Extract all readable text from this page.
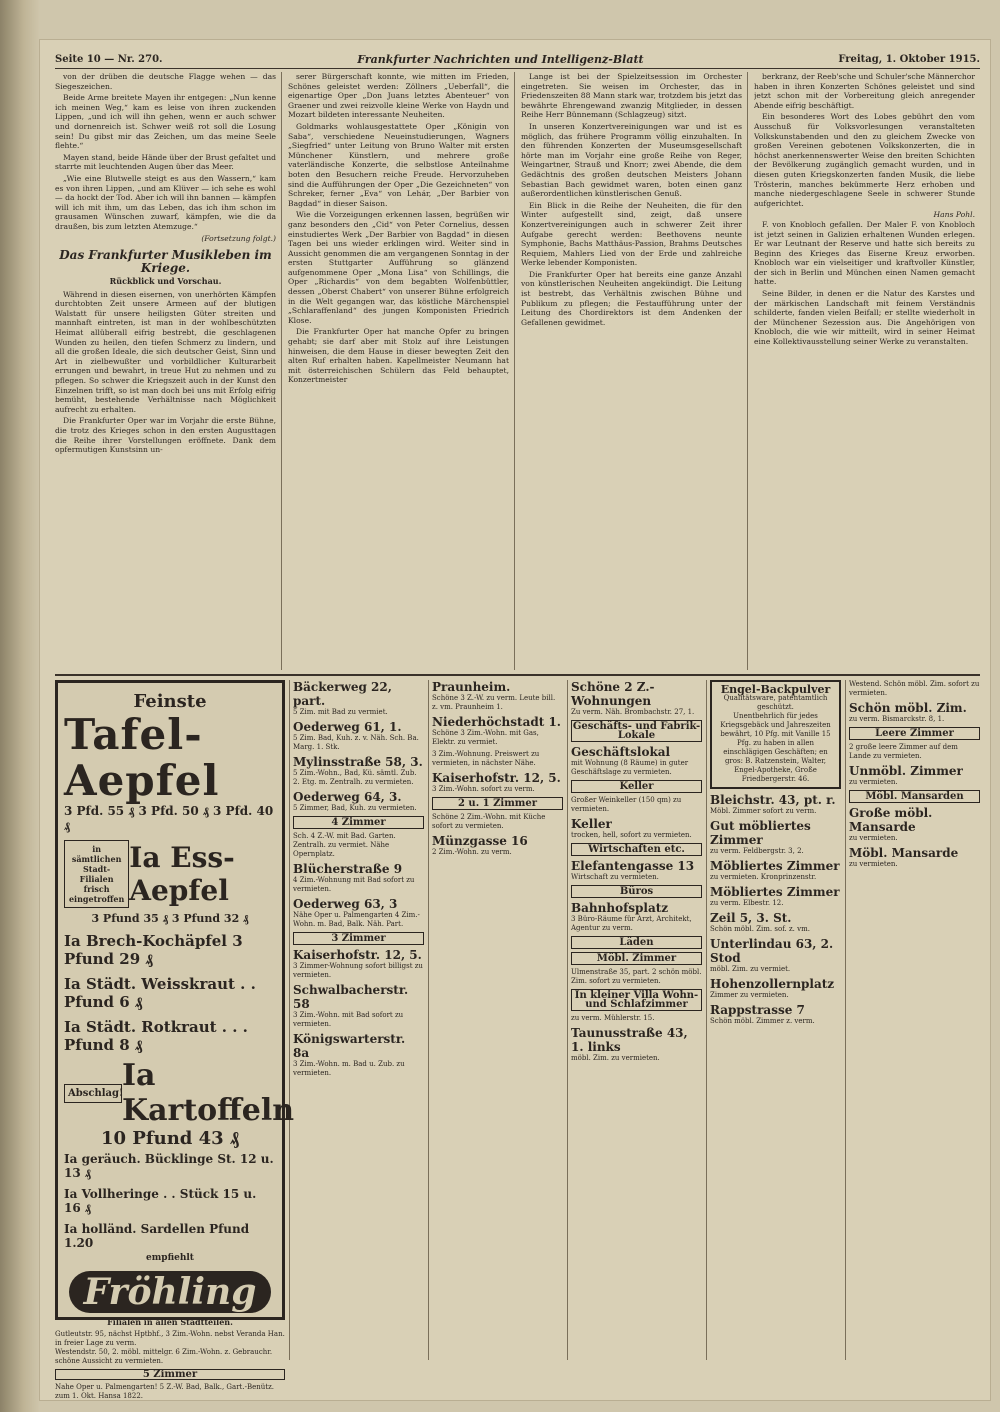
Seite 10 — Nr. 270.	Frankfurter Nachrichten und Intelligenz-Blatt	Freitag, 1. Oktober 1915.

von der drüben die deutsche Flagge wehen — das Siegeszeichen.

Beide Arme breitete Mayen ihr entgegen: „Nun kenne ich meinen Weg,“ kam es leise von ihren zuckenden Lippen, „und ich will ihn gehen, wenn er auch schwer und dornenreich ist. Schwer weiß rot soll die Losung sein! Du gibst mir das Zeichen, um das meine Seele flehte.“

Mayen stand, beide Hände über der Brust gefaltet und starrte mit leuchtenden Augen über das Meer.

„Wie eine Blutwelle steigt es aus den Wassern,“ kam es von ihren Lippen, „und am Klüver — ich sehe es wohl — da hockt der Tod. Aber ich will ihn bannen — kämpfen will ich mit ihm, um das Leben, das ich ihm schon im grausamen Wünschen zuwarf, kämpfen, wie die da draußen, bis zum letzten Atemzuge.“

(Fortsetzung folgt.)
Das Frankfurter Musikleben im Kriege.
Rückblick und Vorschau.

Während in diesen eisernen, von unerhörten Kämpfen durchtobten Zeit unsere Armeen auf der blutigen Walstatt für unsere heiligsten Güter streiten und mannhaft eintreten, ist man in der wohlbeschützten Heimat allüberall eifrig bestrebt, die geschlagenen Wunden zu heilen, den tiefen Schmerz zu lindern, und all die großen Ideale, die sich deutscher Geist, Sinn und Art in zielbewußter und vorbildlicher Kulturarbeit errungen und bewahrt, in treue Hut zu nehmen und zu pflegen. So schwer die Kriegszeit auch in der Kunst den Einzelnen trifft, so ist man doch bei uns mit Erfolg eifrig bemüht, bestehende Verhältnisse nach Möglichkeit aufrecht zu erhalten.

Die Frankfurter Oper war im Vorjahr die erste Bühne, die trotz des Krieges schon in den ersten Augusttagen die Reihe ihrer Vorstellungen eröffnete. Dank dem opfermutigen Kunstsinn un-

serer Bürgerschaft konnte, wie mitten im Frieden, Schönes geleistet werden: Zöllners „Ueberfall“, die eigenartige Oper „Don Juans letztes Abenteuer“ von Graener und zwei reizvolle kleine Werke von Haydn und Mozart bildeten interessante Neuheiten.

Goldmarks wohlausgestattete Oper „Königin von Saba“, verschiedene Neueinstudierungen, Wagners „Siegfried“ unter Leitung von Bruno Walter mit ersten Münchener Künstlern, und mehrere große vaterländische Konzerte, die selbstlose Anteilnahme boten den Besuchern reiche Freude. Hervorzuheben sind die Aufführungen der Oper „Die Gezeichneten“ von Schreker, ferner „Eva“ von Lehár, „Der Barbier von Bagdad“ in dieser Saison.

Wie die Vorzeigungen erkennen lassen, begrüßen wir ganz besonders den „Cid“ von Peter Cornelius, dessen einstudiertes Werk „Der Barbier von Bagdad“ in diesen Tagen bei uns wieder erklingen wird. Weiter sind in Aussicht genommen die am vergangenen Sonntag in der ersten Stuttgarter Aufführung so glänzend aufgenommene Oper „Mona Lisa“ von Schillings, die Oper „Richardis“ von dem begabten Wolfenbüttler, dessen „Oberst Chabert“ von unserer Bühne erfolgreich in die Welt gegangen war, das köstliche Märchenspiel „Schlaraffenland“ des jungen Komponisten Friedrich Klose.

Die Frankfurter Oper hat manche Opfer zu bringen gehabt; sie darf aber mit Stolz auf ihre Leistungen hinweisen, die dem Hause in dieser bewegten Zeit den alten Ruf erhalten haben. Kapellmeister Neumann hat mit österreichischen Schülern das Feld behauptet, Konzertmeister

Lange ist bei der Spielzeitsession im Orchester eingetreten. Sie weisen im Orchester, das in Friedenszeiten 88 Mann stark war, trotzdem bis jetzt das bewährte Ehrengewand zwanzig Mitglieder, in dessen Reihe Herr Bünnemann (Schlagzeug) sitzt.

In unseren Konzertvereinigungen war und ist es möglich, das frühere Programm völlig einzuhalten. In den führenden Konzerten der Museumsgesellschaft hörte man im Vorjahr eine große Reihe von Reger, Weingartner, Strauß und Knorr; zwei Abende, die dem Gedächtnis des großen deutschen Meisters Johann Sebastian Bach gewidmet waren, boten einen ganz außerordentlichen künstlerischen Genuß.

Ein Blick in die Reihe der Neuheiten, die für den Winter aufgestellt sind, zeigt, daß unsere Konzertvereinigungen auch in schwerer Zeit ihrer Aufgabe gerecht werden: Beethovens neunte Symphonie, Bachs Matthäus-Passion, Brahms Deutsches Requiem, Mahlers Lied von der Erde und zahlreiche Werke lebender Komponisten.

Die Frankfurter Oper hat bereits eine ganze Anzahl von künstlerischen Neuheiten angekündigt. Die Leitung ist bestrebt, das Verhältnis zwischen Bühne und Publikum zu pflegen; die Festaufführung unter der Leitung des Chordirektors ist dem Andenken der Gefallenen gewidmet.

berkranz, der Reeb'sche und Schuler'sche Männerchor haben in ihren Konzerten Schönes geleistet und sind jetzt schon mit der Vorbereitung gleich anregender Abende eifrig beschäftigt.

Ein besonderes Wort des Lobes gebührt den vom Ausschuß für Volksvorlesungen veranstalteten Volkskunstabenden und den zu gleichem Zwecke von großen Vereinen gebotenen Volkskonzerten, die in höchst anerkennenswerter Weise den breiten Schichten der Bevölkerung zugänglich gemacht wurden, und in diesen guten Kriegskonzerten fanden Musik, die liebe Trösterin, manches bekümmerte Herz erhoben und manche niedergeschlagene Seele in schwerer Stunde aufgerichtet.

Hans Pohl.

F. von Knobloch gefallen. Der Maler F. von Knobloch ist jetzt seinen in Galizien erhaltenen Wunden erlegen. Er war Leutnant der Reserve und hatte sich bereits zu Beginn des Krieges das Eiserne Kreuz erworben. Knobloch war ein vielseitiger und kraftvoller Künstler, der sich in Berlin und München einen Namen gemacht hatte.

Seine Bilder, in denen er die Natur des Karstes und der märkischen Landschaft mit feinem Verständnis schilderte, fanden vielen Beifall; er stellte wiederholt in der Münchener Sezession aus. Die Angehörigen von Knobloch, die wie wir mitteilt, wird in seiner Heimat eine Kollektivausstellung seiner Werke zu veranstalten.

Feinste
Tafel-Aepfel
3 Pfd. 55 ₰ 3 Pfd. 50 ₰ 3 Pfd. 40 ₰
in sämtlichen Stadt-Filialen frisch eingetroffen
Ia Ess-Aepfel
3 Pfund 35 ₰ 3 Pfund 32 ₰
Ia Brech-Kochäpfel 3 Pfund 29 ₰
Ia Städt. Weisskraut . . Pfund 6 ₰
Ia Städt. Rotkraut . . . Pfund 8 ₰
Abschlag!
Ia Kartoffeln
10 Pfund 43 ₰
Ia geräuch. Bücklinge St. 12 u. 13 ₰
Ia Vollheringe . . Stück 15 u. 16 ₰
Ia holländ. Sardellen Pfund 1.20
empfiehlt
Fröhling
Filialen in allen Stadtteilen.
Gutleutstr. 95, nächst Hptbhf., 3 Zim.-Wohn. nebst Veranda Han. in freier Lage zu verm.
Westendstr. 50, 2. möbl. mittelgr. 6 Zim.-Wohn. z. Gebrauchr. schöne Aussicht zu vermieten.
5 Zimmer
Nahe Oper u. Palmengarten! 5 Z.-W. Bad, Balk., Gart.-Benütz. zum 1. Okt. Hansa 1822.
Bäckerweg 22, part.
5 Zim. mit Bad zu vermiet.
Oederweg 61, 1.
5 Zim. Bad, Kuh. z. v. Näh. Sch. Ba. Marg. 1. Stk.
Mylinsstraße 58, 3.
5 Zim.-Wohn., Bad, Kü. sämtl. Zub. 2. Etg. m. Zentralh. zu vermieten.
Oederweg 64, 3.
5 Zimmer, Bad, Kuh. zu vermieten.
4 Zimmer
Sch. 4 Z.-W. mit Bad. Garten. Zentralh. zu vermiet. Nähe Opernplatz.
Blücherstraße 9
4 Zim.-Wohnung mit Bad sofort zu vermieten.
Oederweg 63, 3
Nähe Oper u. Palmengarten 4 Zim.-Wohn. m. Bad, Balk. Näh. Part.
3 Zimmer
Kaiserhofstr. 12, 5.
3 Zimmer-Wohnung sofort billigst zu vermieten.
Schwalbacherstr. 58
3 Zim.-Wohn. mit Bad sofort zu vermieten.
Königswarterstr. 8a
3 Zim.-Wohn. m. Bad u. Zub. zu vermieten.
Praunheim.
Schöne 3 Z.-W. zu verm. Leute bill. z. vm. Praunheim 1.
Niederhöchstadt 1.
Schöne 3 Zim.-Wohn. mit Gas, Elektr. zu vermiet.
3 Zim.-Wohnung. Preiswert zu vermieten, in nächster Nähe.
Kaiserhofstr. 12, 5.
3 Zim.-Wohn. sofort zu verm.
2 u. 1 Zimmer
Schöne 2 Zim.-Wohn. mit Küche sofort zu vermieten.
Münzgasse 16
2 Zim.-Wohn. zu verm.
Schöne 2 Z.-Wohnungen
Zu verm. Näh. Brombachstr. 27, 1.
Geschäfts- und Fabrik-Lokale
Geschäftslokal
mit Wohnung (8 Räume) in guter Geschäftslage zu vermieten.
Keller
Großer Weinkeller (150 qm) zu vermieten.
Keller
trocken, hell, sofort zu vermieten.
Wirtschaften etc.
Elefantengasse 13
Wirtschaft zu vermieten.
Büros
Bahnhofsplatz
3 Büro-Räume für Arzt, Architekt, Agentur zu verm.
Läden
Möbl. Zimmer
Ulmenstraße 35, part. 2 schön möbl. Zim. sofort zu vermieten.
In kleiner Villa Wohn- und Schlafzimmer
zu verm. Mühlerstr. 15.
Taunusstraße 43, 1. links
möbl. Zim. zu vermieten.
Engel-Backpulver
Qualitätsware, patentamtlich geschützt.
Unentbehrlich für jedes Kriegsgebäck und Jahreszeiten bewährt, 10 Pfg. mit Vanille 15 Pfg. zu haben in allen einschlägigen Geschäften; en gros: B. Ratzenstein, Walter, Engel-Apotheke, Große Friedbergerstr. 46.
Bleichstr. 43, pt. r.
Möbl. Zimmer sofort zu verm.
Gut möbliertes Zimmer
zu verm. Feldbergstr. 3, 2.
Möbliertes Zimmer
zu vermieten. Kronprinzenstr.
Möbliertes Zimmer
zu verm. Elbestr. 12.
Zeil 5, 3. St.
Schön möbl. Zim. sof. z. vm.
Unterlindau 63, 2. Stod
möbl. Zim. zu vermiet.
Hohenzollernplatz
Zimmer zu vermieten.
Rappstrasse 7
Schön möbl. Zimmer z. verm.
Westend. Schön möbl. Zim. sofort zu vermieten.
Schön möbl. Zim.
zu verm. Bismarckstr. 8, 1.
Leere Zimmer
2 große leere Zimmer auf dem Lande zu vermieten.
Unmöbl. Zimmer
zu vermieten.
Möbl. Mansarden
Große möbl. Mansarde
zu vermieten.
Möbl. Mansarde
zu vermieten.
